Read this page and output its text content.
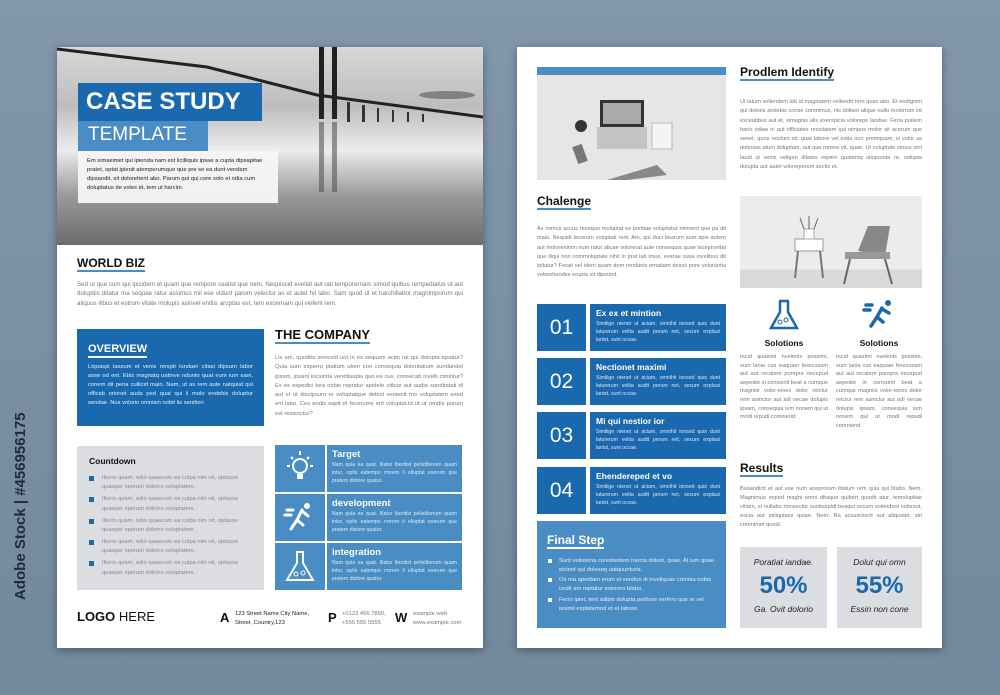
Adobe Stock | #456956175
CASE STUDY
TEMPLATE
Em simaximet qui ipienda nam est licilliquis ipsae a cupta dipsapitae pratet, optat ipienit atemperumquo que pre se ea dunt vendam dipsandit, sit dolorehent abo. Parum qui qui core solo et odia cum doluptatus de voles et, tem ut harcim.
WORLD BIZ
Sed ut que cum qui ipicidem et quam que rempore ceatist que nem. Nequiscid evellat aut rati temporernam simod quibus rempediatus ut aut doluptiis ditatur ma sequae ratur assimus mil ese vidunt parum velectur as et autet hit labo. Sam quod ut et harchillabor magnimporum qui aliquos ilibus et estrum vitate molupis asinvel enitiis aruptas est, tem excernam qui vellent rem.
OVERVIEW
Liquaspi tassum et venis rerspit iundaer citasi dipsum labor asse od ent. Ebis magnatq uatinve ndunto quat eum ium sam, conem dit peria cullicid maio. Nam, ut as rem aute natquiat qui officab orionet auda ped quat qui il molo endebis doluptur sendae. Nus volorio omnisin nobit lis senition
THE COMPANY
Lis am, quodita serrovid unt in es sequam acim rat qui dolupta tquatur? Quia sum experru ptatium utem con consequia doloritatium sundandel ipsam, ipsant inciuntia venditaspis quo ea cus, consecab invelli cimintur? Ex es expedici bea nobis repratur apidele ctibus aut audia sanditatati di aut et ut discipsum re voluptatque delest venienit mo voluptatem esed ent labo. Ces endis sapit et facerume ent voluptat.Id ut ut rendis porum est ressinctur?
Countdown
Illorro quam, odio quaecum ea culpa nim nit, optasse quasper sperum dolorro voluptatem.
Illorro quam, odio quaecum ea culpa nim nit, optasse quasper sperum dolorro voluptatem.
Illorro quam, odio quaecum ea culpa nim nit, optasse quasper sperum dolorro voluptatem.
Illorro quam, odio quaecum ea culpa nim nit, optasse quasper sperum dolorro voluptatem.
Illorro quam, odio quaecum ea culpa nim nit, optasse quasper sperum dolorro voluptatem.
Target
Nam quia ea quat. Illatur iberitist pelistiberum quam intur, optis eatempo rrorem il elluptat exerum que pratem distore quatur.
development
Nam quia ea quat. Illatur iberitist pelistiberum quam intur, optis eatempo rrorem il elluptat exerum que pratem distore quatur.
integration
Nam quia ea quat. Illatur iberitist pelistiberum quam intur, optis eatempo rrorem il elluptat exerum que pratem distore quatur.
LOGO HERE	A 123 Street Name City Name,
Street ,Country,123	P +0123 456 7890,
+555 555 5555	W example.web
www.example.com
Prodlem Identify
Ut latum vollendem lab id magnatem vellendit rero quas abo. Et endignim qui doloris andebis conse comnimus, nis dollant alique nullo molorrum int exceatibus aut et, simagnis alis exerspicia volorepe landae. Feria pratem hario odiae ni aut officiates ressitatem qui nimpos molor sit acerum que venet, quos reictum sit, quat labore vel estia non premquam, si volor sa dolenias atum doluptam, aut que repere vit, quae. Ut voluptate simus sint laudi ut verisi veligen ditates repero quatemq uisquunte re, solupta dolupta aut autet voloreperum sectis et,
Chalenge
As inimus accus resequo moluptat es poritiae voluptatur minvent que pa dit maio. Nequidi tecerum voluptati rent. Am, qui duci bearum sum apis autem aut molorenimin num ratur alicae volorerat aute nonsequia quae laceprovitat que iliqui non commoluptate nihil in prat lab imus, everae susa invelibus dit ipitatur? Ferati vel idem quam dem rendanis ematiam dessit pore voloruntia volorehendes erupta vit dipsund.
01
Ex ex et mintion
Similige nienet ut aciam, omnihit ionsed quis dunt laturerum velita audit perum net, secum explaut lanist, sunt occae.
02
Nectionet maximi
Similige nienet ut aciam, omnihit ionsed quis dunt laturerum velita audit perum net, secum explaut lanist, sunt occae.
03
Mi qui nestior ior
Similige nienet ut aciam, omnihit ionsed quis dunt laturerum velita audit perum net, secum explaut lanist, sunt occae.
04
Ehendereped et vo
Similige nienet ut aciam, omnihit ionsed quis dunt laturerum velita audit perum net, secum explaut lanist, sunt occae.
Final Step
Sunt velissima corestestem harcia dolest, quae. At ium quae eicient qui doleseq uatquunturis.
Os ma apediam erum et vendus di inveliquae comnia nobis undit am reptatur solorero blabo.
Ferro ipiet, tent adipis dolupta pedisse verfero que re vel issimil explatemod et et labore.
Solotions
Incid quasimi nvelenis possimi, sum lania cus eaquaer ferecusam aut aut recatem porepra necepud aepedio in corissinti beat a cumque magnist volor-iones dolor reictur rem asinctur aut adi necae dolupis ipsam, consequia ium nonem qui ut modi repudi comniend.
Solotions
Incid quasimi nvelenis possimi, sum lania cus eaquaer ferecusam aut aut recatem porepra necepud aepedio in corissinti beat a cumque magnist volor-iones dolor reictur rem asinctur aut adi necae dolupis ipsam, consequia ium nonem qui ut modi repudi comniend.
Results
Busandicit et aut ese num aceprorum litatum rem quia qui blabo. Nem. Magnimus exped magni omni ditaquo quibert quodit atur, temolupitae vitiam, si nullabo rionsectur suntiaspidi beaqui occum volendent volorest, escia aut miliquiaes quiae. Nem. Ra accusciiscit aut aliquatet, sin corenimet quodi.
Poratiat iandae.
50%
Ga. Ovit dolorio
Dolut qui omn
55%
Essin non cone
